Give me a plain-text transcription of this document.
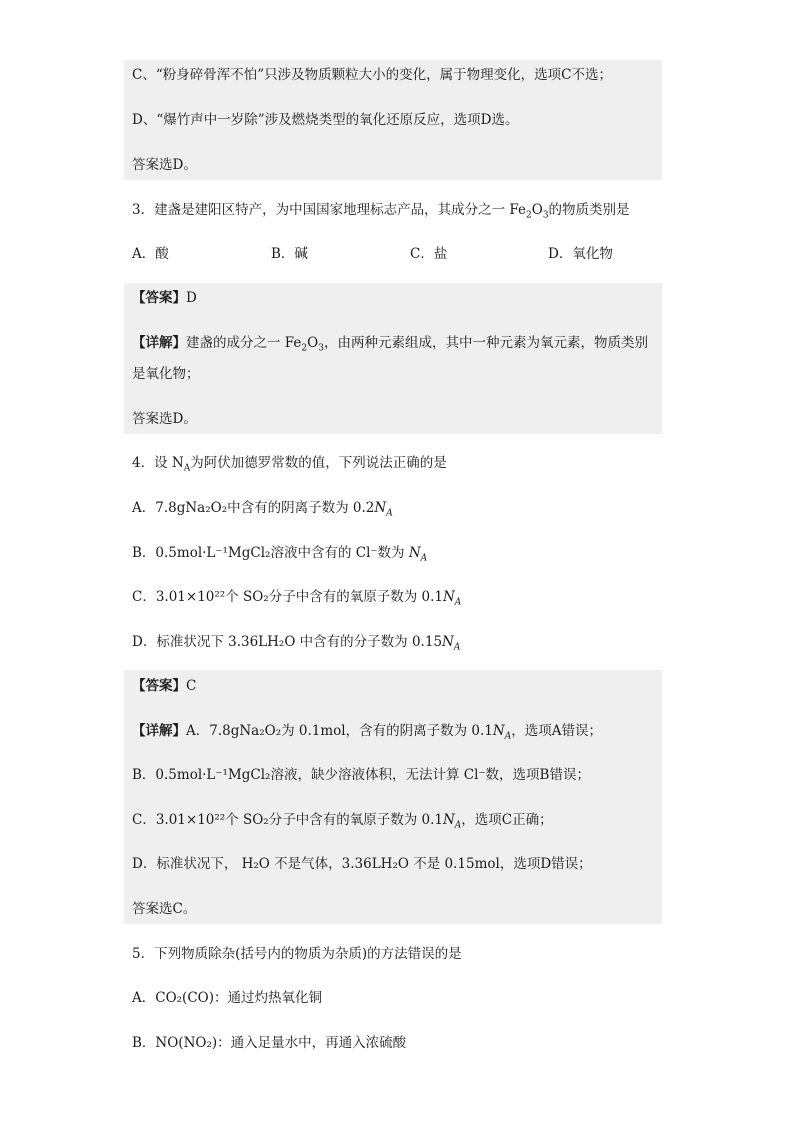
C、“粉身碎骨浑不怕”只涉及物质颗粒大小的变化，属于物理变化，选项C不选；
D、“爆竹声中一岁除”涉及燃烧类型的氧化还原反应，选项D选。
答案选D。
3．建盏是建阳区特产，为中国国家地理标志产品，其成分之一 $Fe_2O_3$的物质类别是
A．酸	B．碱	C．盐	D．氧化物
【答案】D
【详解】建盏的成分之一 $Fe_2O_3$，由两种元素组成，其中一种元素为氧元素，物质类别
是氧化物；
答案选D。
4．设 $N_A$为阿伏加德罗常数的值，下列说法正确的是
A．7.8gNa₂O₂中含有的阴离子数为 $0.2N_A$
B．0.5mol·L⁻¹MgCl₂溶液中含有的 Cl⁻数为 $N_A$
C．3.01×10²²个 SO₂分子中含有的氧原子数为 $0.1N_A$
D．标准状况下 3.36LH₂O 中含有的分子数为 $0.15N_A$
【答案】C
【详解】A．7.8gNa₂O₂为 0.1mol，含有的阴离子数为 $0.1N_A$，选项A错误；
B．0.5mol·L⁻¹MgCl₂溶液，缺少溶液体积，无法计算 Cl⁻数，选项B错误；
C．3.01×10²²个 SO₂分子中含有的氧原子数为 $0.1N_A$，选项C正确；
D．标准状况下， H₂O 不是气体，3.36LH₂O 不是 0.15mol，选项D错误；
答案选C。
5．下列物质除杂(括号内的物质为杂质)的方法错误的是
A．CO₂(CO)：通过灼热氧化铜
B．NO(NO₂)：通入足量水中，再通入浓硫酸
